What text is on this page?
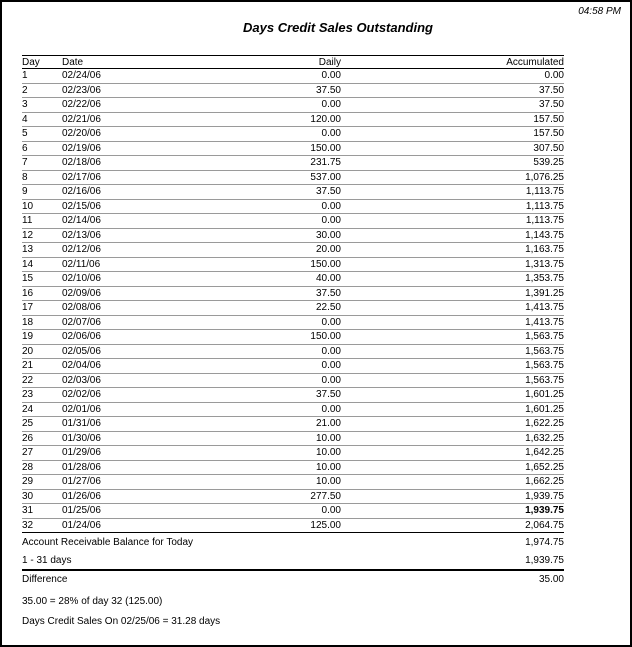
04:58 PM
Days Credit Sales Outstanding
Day	Date	Daily	Accumulated
1	02/24/06	0.00	0.00
2	02/23/06	37.50	37.50
3	02/22/06	0.00	37.50
4	02/21/06	120.00	157.50
5	02/20/06	0.00	157.50
6	02/19/06	150.00	307.50
7	02/18/06	231.75	539.25
8	02/17/06	537.00	1,076.25
9	02/16/06	37.50	1,113.75
10	02/15/06	0.00	1,113.75
11	02/14/06	0.00	1,113.75
12	02/13/06	30.00	1,143.75
13	02/12/06	20.00	1,163.75
14	02/11/06	150.00	1,313.75
15	02/10/06	40.00	1,353.75
16	02/09/06	37.50	1,391.25
17	02/08/06	22.50	1,413.75
18	02/07/06	0.00	1,413.75
19	02/06/06	150.00	1,563.75
20	02/05/06	0.00	1,563.75
21	02/04/06	0.00	1,563.75
22	02/03/06	0.00	1,563.75
23	02/02/06	37.50	1,601.25
24	02/01/06	0.00	1,601.25
25	01/31/06	21.00	1,622.25
26	01/30/06	10.00	1,632.25
27	01/29/06	10.00	1,642.25
28	01/28/06	10.00	1,652.25
29	01/27/06	10.00	1,662.25
30	01/26/06	277.50	1,939.75
31	01/25/06	0.00	1,939.75
32	01/24/06	125.00	2,064.75
Account Receivable Balance for Today	1,974.75
1 - 31 days	1,939.75
Difference	35.00
35.00 = 28% of day 32 (125.00)
Days Credit Sales On 02/25/06 = 31.28 days
